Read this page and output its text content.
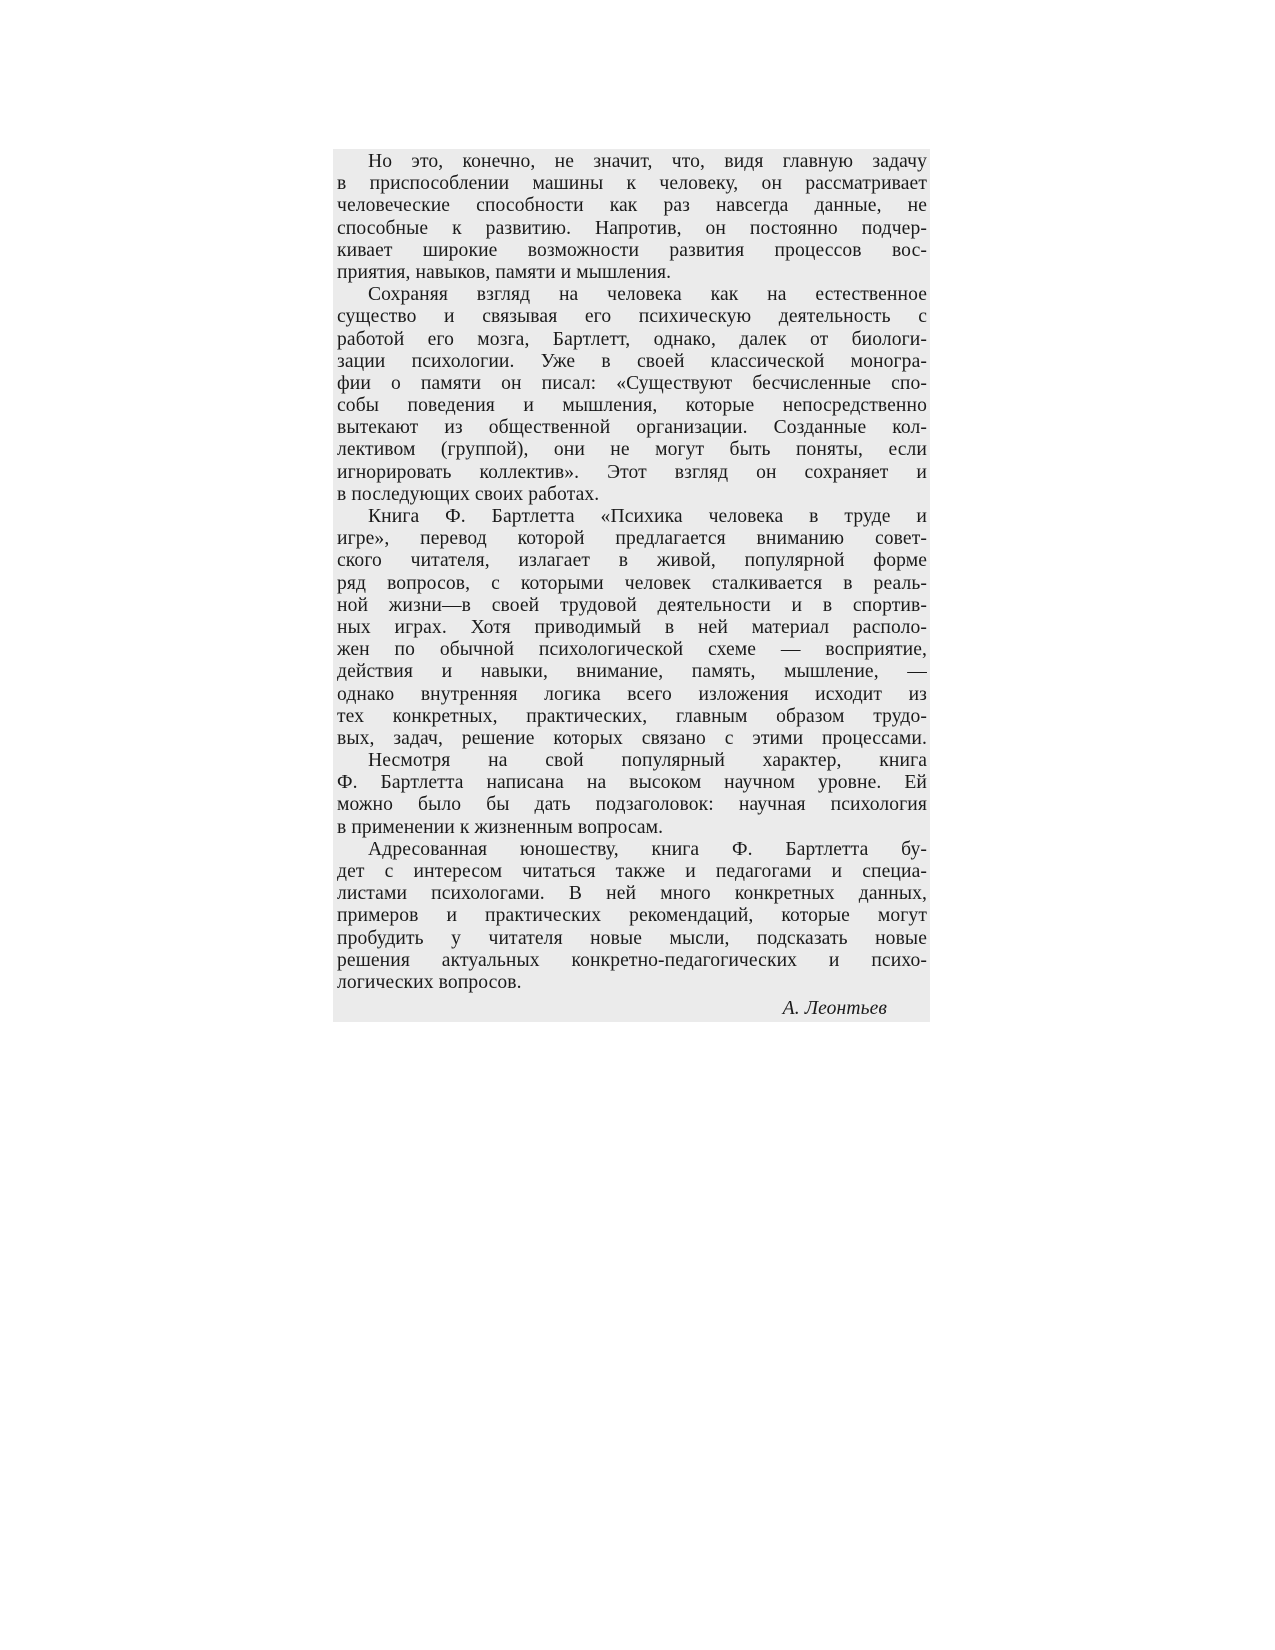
Но это, конечно, не значит, что, видя главную задачу
в приспособлении машины к человеку, он рассматривает
человеческие способности как раз навсегда данные, не
способные к развитию. Напротив, он постоянно подчер-
кивает широкие возможности развития процессов вос-
приятия, навыков, памяти и мышления.
Сохраняя взгляд на человека как на естественное
существо и связывая его психическую деятельность с
работой его мозга, Бартлетт, однако, далек от биологи-
зации психологии. Уже в своей классической моногра-
фии о памяти он писал: «Существуют бесчисленные спо-
собы поведения и мышления, которые непосредственно
вытекают из общественной организации. Созданные кол-
лективом (группой), они не могут быть поняты, если
игнорировать коллектив». Этот взгляд он сохраняет и
в последующих своих работах.
Книга Ф. Бартлетта «Психика человека в труде и
игре», перевод которой предлагается вниманию совет-
ского читателя, излагает в живой, популярной форме
ряд вопросов, с которыми человек сталкивается в реаль-
ной жизни—в своей трудовой деятельности и в спортив-
ных играх. Хотя приводимый в ней материал располо-
жен по обычной психологической схеме — восприятие,
действия и навыки, внимание, память, мышление, —
однако внутренняя логика всего изложения исходит из
тех конкретных, практических, главным образом трудо-
вых, задач, решение которых связано с этими процессами.
Несмотря на свой популярный характер, книга
Ф. Бартлетта написана на высоком научном уровне. Ей
можно было бы дать подзаголовок: научная психология
в применении к жизненным вопросам.
Адресованная юношеству, книга Ф. Бартлетта бу-
дет с интересом читаться также и педагогами и специа-
листами психологами. В ней много конкретных данных,
примеров и практических рекомендаций, которые могут
пробудить у читателя новые мысли, подсказать новые
решения актуальных конкретно-педагогических и психо-
логических вопросов.
А. Леонтьев
